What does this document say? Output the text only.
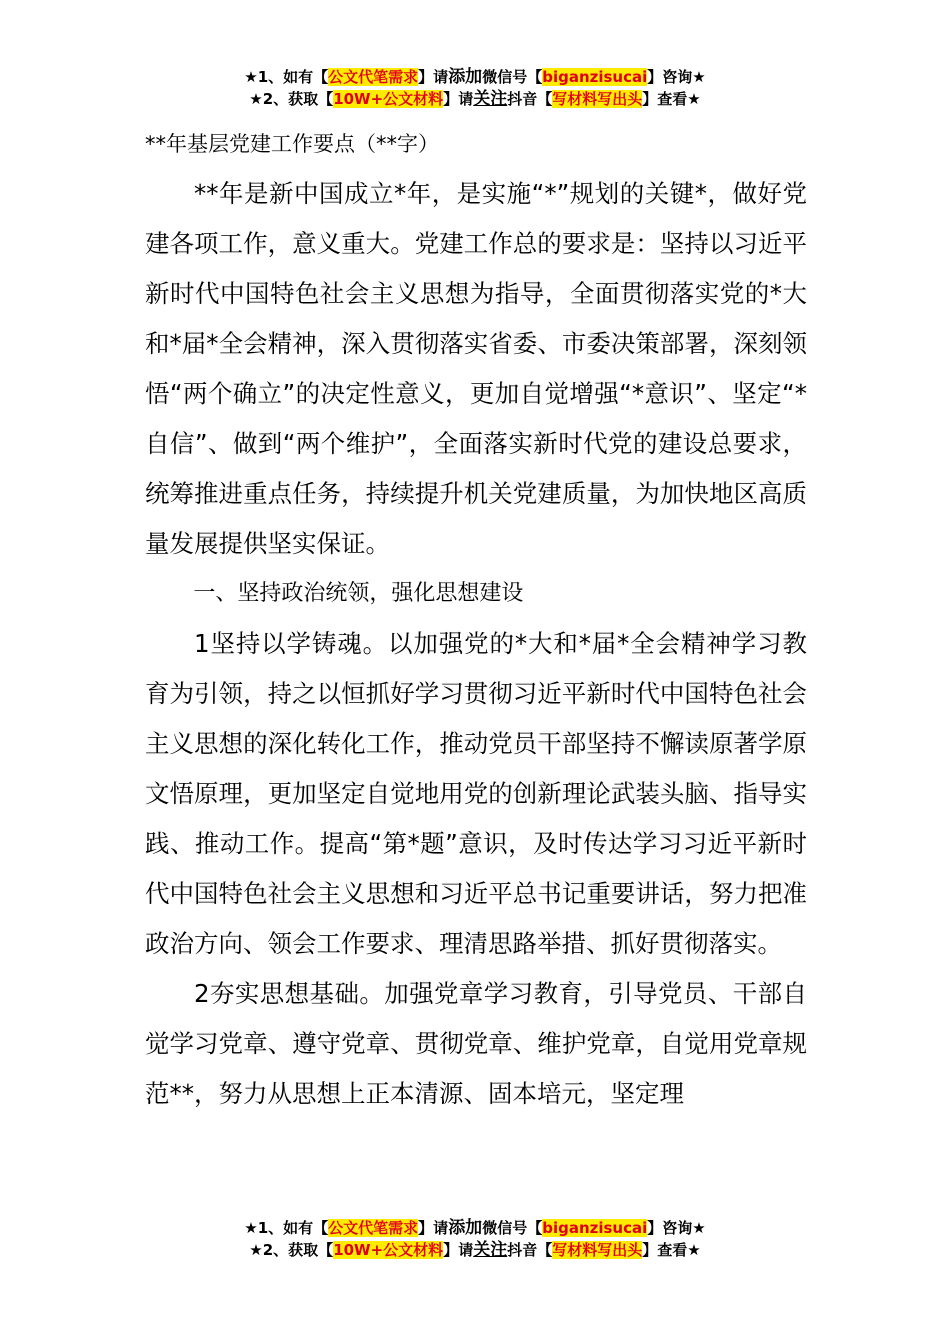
★1、如有【公文代笔需求】请添加微信号【biganzisucai】咨询★
★2、获取【10W+公文材料】请关注抖音【写材料写出头】查看★

**年基层党建工作要点（**字）

**年是新中国成立*年，是实施“*”规划的关键*，做好党建各项工作，意义重大。党建工作总的要求是：坚持以习近平新时代中国特色社会主义思想为指导，全面贯彻落实党的*大和*届*全会精神，深入贯彻落实省委、市委决策部署，深刻领悟“两个确立”的决定性意义，更加自觉增强“*意识”、坚定“*自信”、做到“两个维护”，全面落实新时代党的建设总要求，统筹推进重点任务，持续提升机关党建质量，为加快地区高质量发展提供坚实保证。

一、坚持政治统领，强化思想建设

1坚持以学铸魂。以加强党的*大和*届*全会精神学习教育为引领，持之以恒抓好学习贯彻习近平新时代中国特色社会主义思想的深化转化工作，推动党员干部坚持不懈读原著学原文悟原理，更加坚定自觉地用党的创新理论武装头脑、指导实践、推动工作。提高“第*题”意识，及时传达学习习近平新时代中国特色社会主义思想和习近平总书记重要讲话，努力把准政治方向、领会工作要求、理清思路举措、抓好贯彻落实。

2夯实思想基础。加强党章学习教育，引导党员、干部自觉学习党章、遵守党章、贯彻党章、维护党章，自觉用党章规范**，努力从思想上正本清源、固本培元，坚定理

★1、如有【公文代笔需求】请添加微信号【biganzisucai】咨询★
★2、获取【10W+公文材料】请关注抖音【写材料写出头】查看★
